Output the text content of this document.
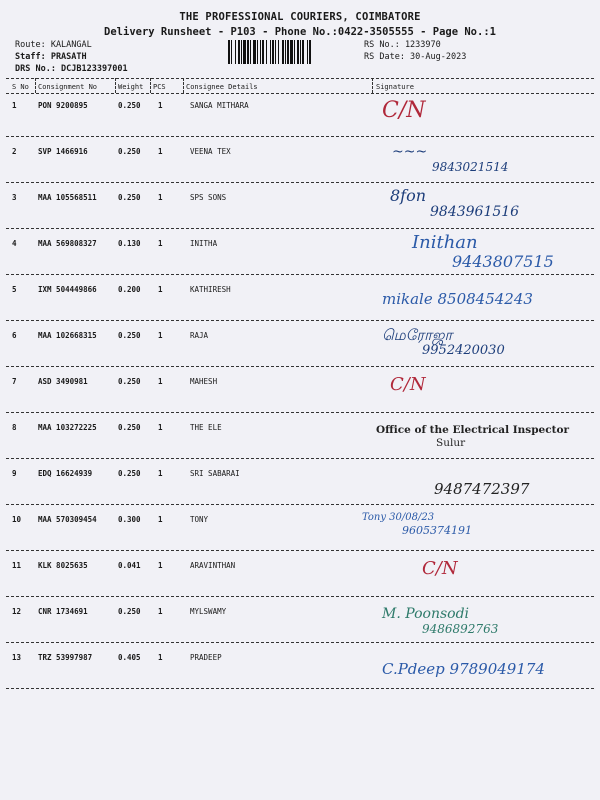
THE PROFESSIONAL COURIERS, COIMBATORE
Delivery Runsheet - P103 - Phone No.:0422-3505555 - Page No.:1
Route: KALANGAL
Staff: PRASATH
DRS No.: DCJB123397001
RS No.: 1233970
RS Date: 30-Aug-2023
S No Consignment No	Weight PCS	Consignee Details	Signature
1	PON 9200895	0.250 1	SANGA MITHARA	C/N
2	SVP 1466916	0.250 1	VEENA TEX	~~~
9843021514
3	MAA 105568511	0.250 1	SPS SONS	8fon
9843961516
4	MAA 569808327	0.130 1	INITHA	Inithan
9443807515
5	IXM 504449866	0.200 1	KATHIRESH
mikale 8508454243
6	MAA 102668315	0.250 1	RAJA	மெரோஜா
9952420030
7	ASD 3490981	0.250 1	MAHESH	C/N
8	MAA 103272225	0.250 1	THE ELE	Office of the Electrical Inspector
Sulur
9	EDQ 16624939	0.250 1	SRI SABARAI
9487472397
10 MAA 570309454	0.300 1	TONY	Tony 30/08/23
9605374191
11 KLK 8025635	0.041 1	ARAVINTHAN	C/N
12 CNR 1734691	0.250 1	MYLSWAMY	M. Poonsodi
9486892763
13 TRZ 53997987	0.405 1	PRADEEP
C.Pdeep 9789049174
